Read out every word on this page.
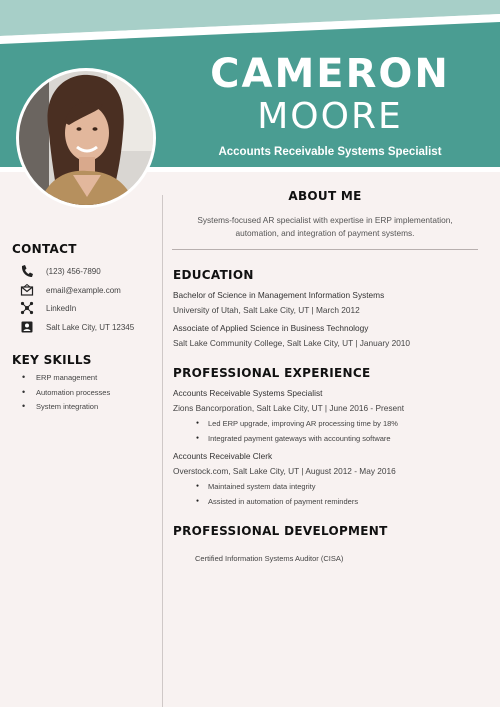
CAMERON
MOORE
Accounts Receivable Systems Specialist
CONTACT
(123) 456-7890
email@example.com
LinkedIn
Salt Lake City, UT 12345
KEY SKILLS
• ERP management
• Automation processes
• System integration
ABOUT ME
Systems-focused AR specialist with expertise in ERP implementation, automation, and integration of payment systems.
EDUCATION
Bachelor of Science in Management Information Systems
University of Utah, Salt Lake City, UT | March 2012
Associate of Applied Science in Business Technology
Salt Lake Community College, Salt Lake City, UT | January 2010
PROFESSIONAL EXPERIENCE
Accounts Receivable Systems Specialist
Zions Bancorporation, Salt Lake City, UT | June 2016 - Present
● Led ERP upgrade, improving AR processing time by 18%
● Integrated payment gateways with accounting software
Accounts Receivable Clerk
Overstock.com, Salt Lake City, UT | August 2012 - May 2016
● Maintained system data integrity
● Assisted in automation of payment reminders
PROFESSIONAL DEVELOPMENT
Certified Information Systems Auditor (CISA)
